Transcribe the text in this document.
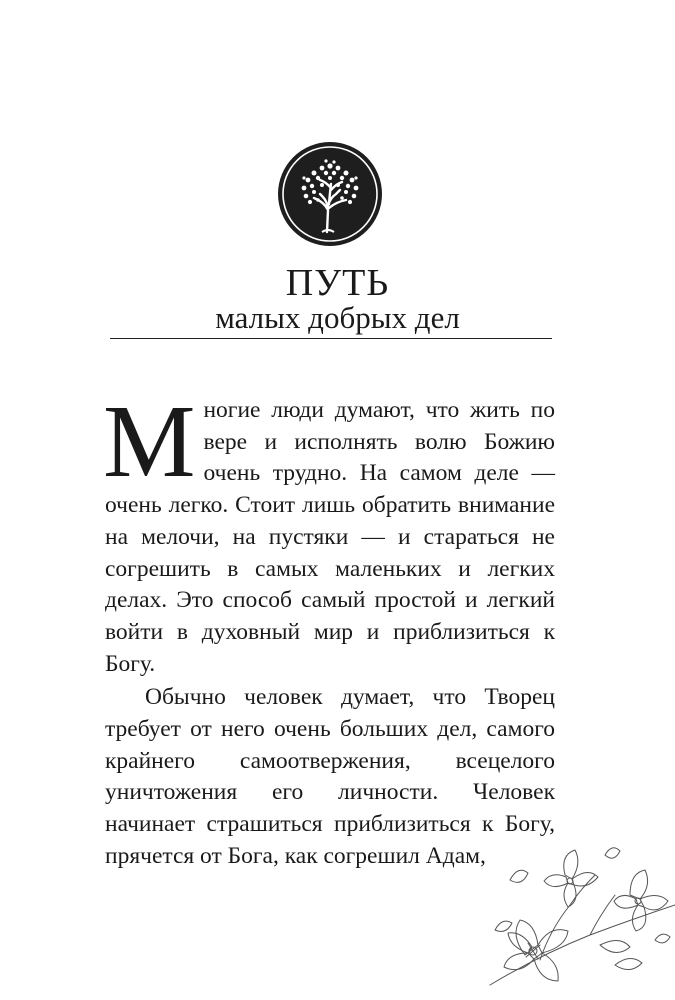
ПУТЬ
малых добрых дел

Многие люди думают, что жить по вере и исполнять волю Божию очень трудно. На самом деле — очень легко. Стоит лишь обратить внимание на мелочи, на пустяки — и стараться не согрешить в самых маленьких и легких делах. Это способ самый простой и легкий войти в духовный мир и приблизиться к Богу.

Обычно человек думает, что Творец требует от него очень больших дел, самого крайнего самоотвержения, всецелого уничтожения его личности. Человек начинает страшиться приблизиться к Богу, прячется от Бога, как согрешил Адам,
